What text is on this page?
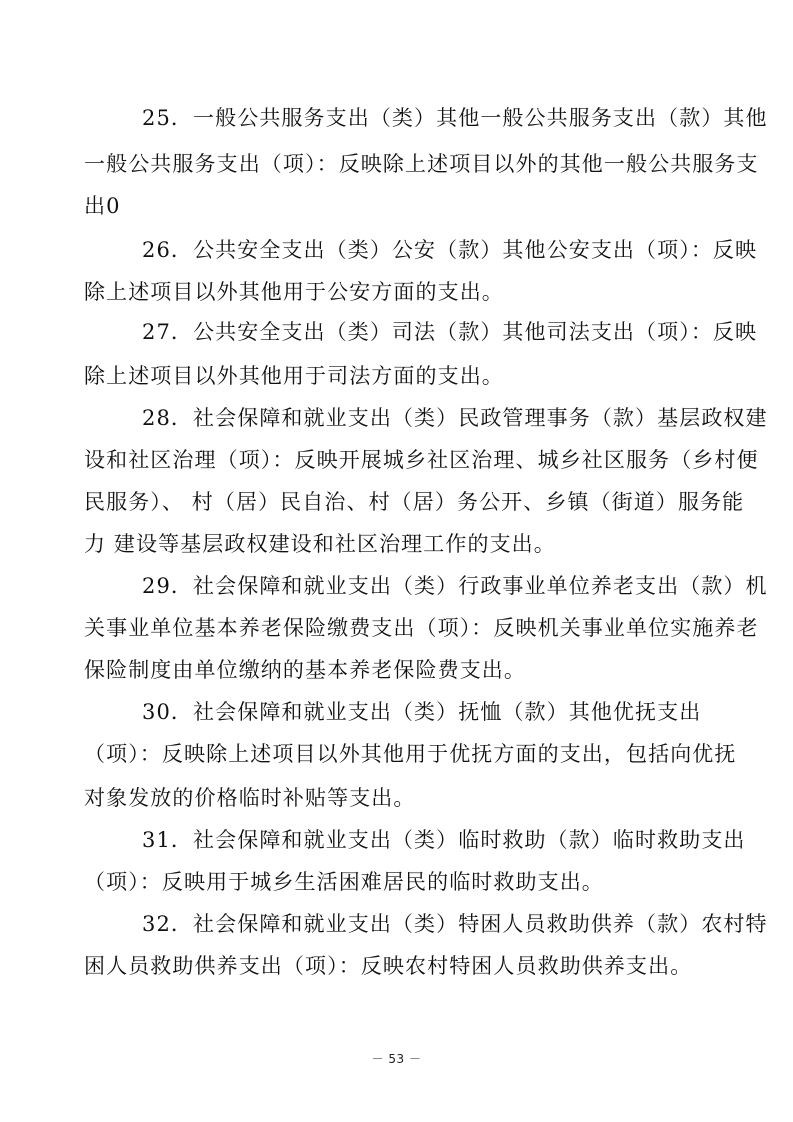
25．一般公共服务支出（类）其他一般公共服务支出（款）其他
一般公共服务支出（项）：反映除上述项目以外的其他一般公共服务支
出0
26．公共安全支出（类）公安（款）其他公安支出（项）：反映
除上述项目以外其他用于公安方面的支出。
27．公共安全支出（类）司法（款）其他司法支出（项）：反映
除上述项目以外其他用于司法方面的支出。
28．社会保障和就业支出（类）民政管理事务（款）基层政权建
设和社区治理（项）：反映开展城乡社区治理、城乡社区服务（乡村便
民服务）、 村（居）民自治、村（居）务公开、乡镇（街道）服务能
力 建设等基层政权建设和社区治理工作的支出。
29．社会保障和就业支出（类）行政事业单位养老支出（款）机
关事业单位基本养老保险缴费支出（项）：反映机关事业单位实施养老
保险制度由单位缴纳的基本养老保险费支出。
30．社会保障和就业支出（类）抚恤（款）其他优抚支出
（项）：反映除上述项目以外其他用于优抚方面的支出，包括向优抚
对象发放的价格临时补贴等支出。
31．社会保障和就业支出（类）临时救助（款）临时救助支出
（项）：反映用于城乡生活困难居民的临时救助支出。
32．社会保障和就业支出（类）特困人员救助供养（款）农村特
困人员救助供养支出（项）：反映农村特困人员救助供养支出。
－ 53 －
